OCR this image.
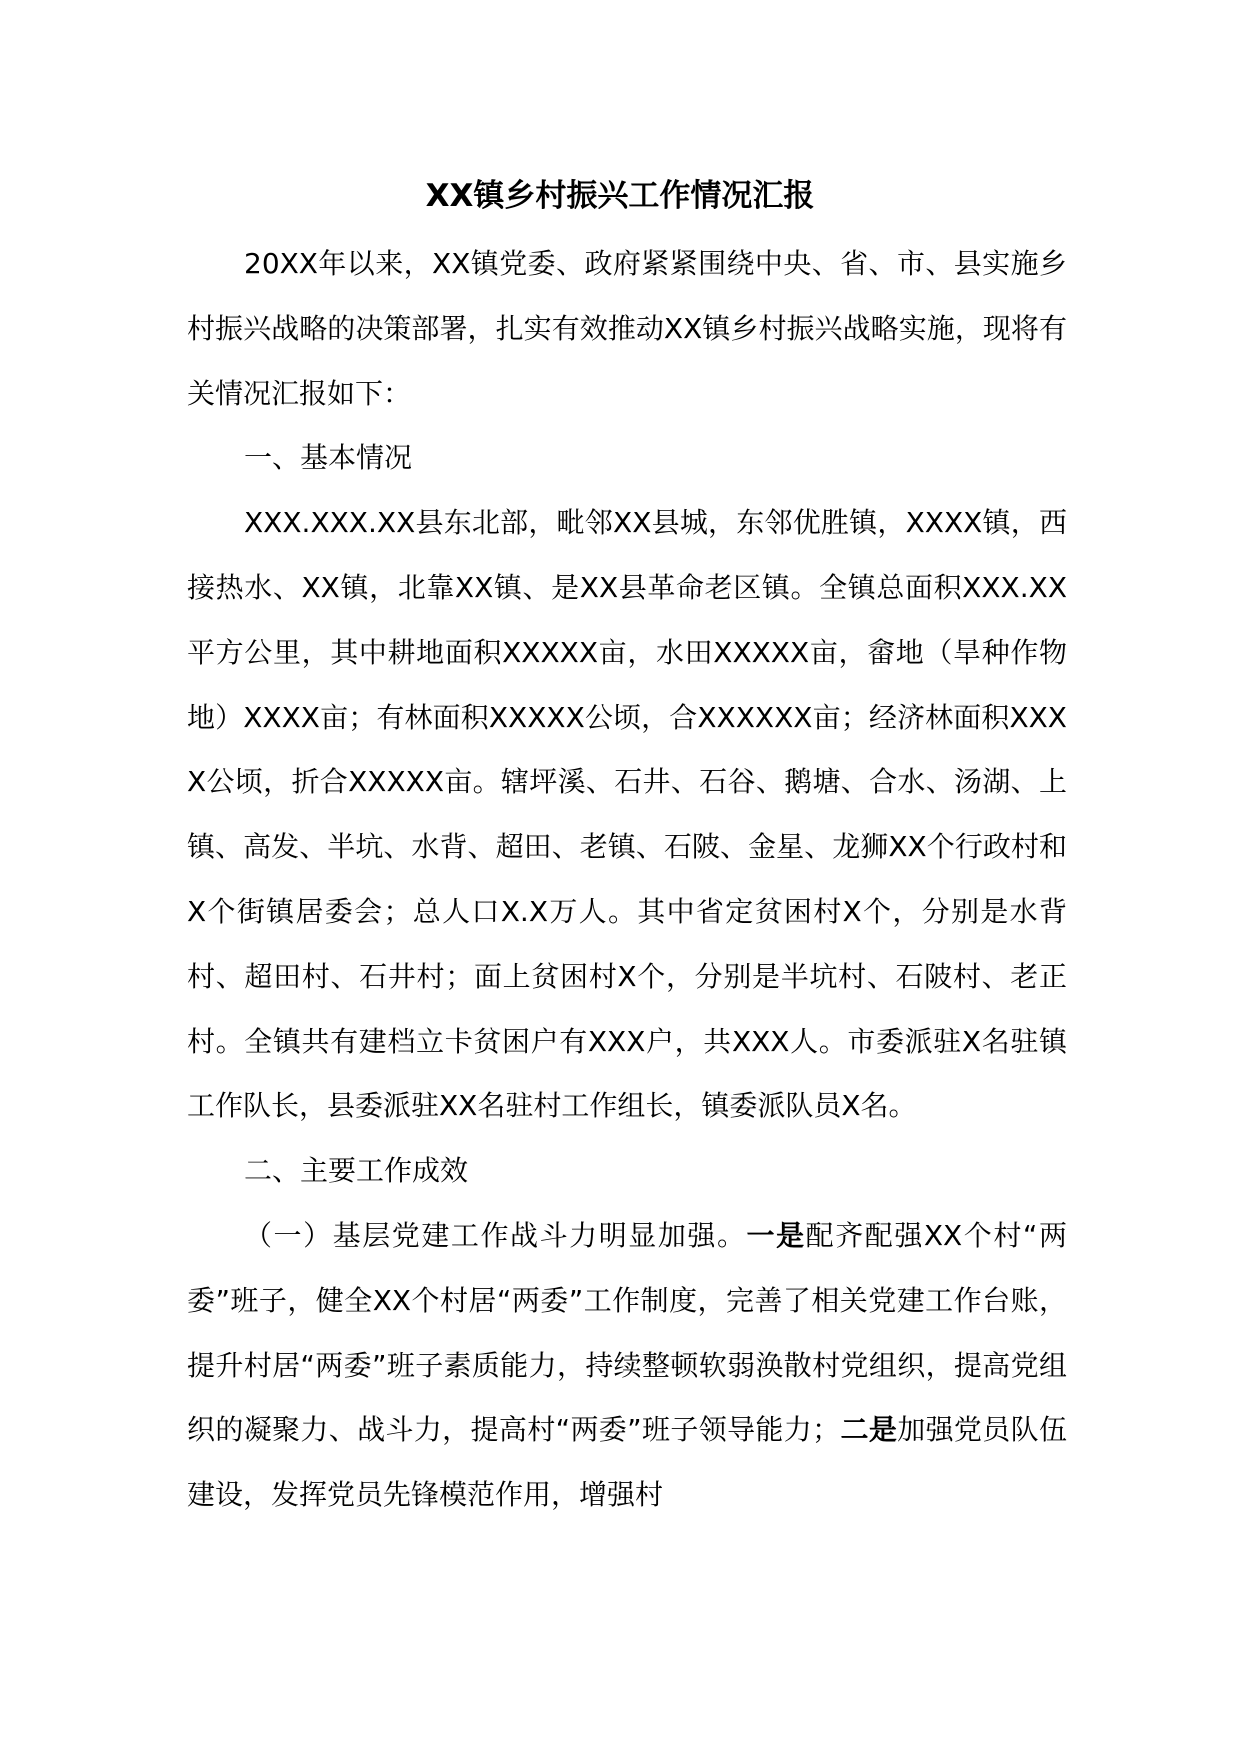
XX镇乡村振兴工作情况汇报

20XX年以来，XX镇党委、政府紧紧围绕中央、省、市、县实施乡村振兴战略的决策部署，扎实有效推动XX镇乡村振兴战略实施，现将有关情况汇报如下：

一、基本情况

XXX.XXX.XX县东北部，毗邻XX县城，东邻优胜镇，XXXX镇，西接热水、XX镇，北靠XX镇、是XX县革命老区镇。全镇总面积XXX.XX平方公里，其中耕地面积XXXXX亩，水田XXXXX亩，畲地（旱种作物地）XXXX亩；有林面积XXXXX公顷，合XXXXXX亩；经济林面积XXXX公顷，折合XXXXX亩。辖坪溪、石井、石谷、鹅塘、合水、汤湖、上镇、高发、半坑、水背、超田、老镇、石陂、金星、龙狮XX个行政村和X个街镇居委会；总人口X.X万人。其中省定贫困村X个，分别是水背村、超田村、石井村；面上贫困村X个，分别是半坑村、石陂村、老正村。全镇共有建档立卡贫困户有XXX户，共XXX人。市委派驻X名驻镇工作队长，县委派驻XX名驻村工作组长，镇委派队员X名。

二、主要工作成效

（一）基层党建工作战斗力明显加强。一是配齐配强XX个村“两委”班子，健全XX个村居“两委”工作制度，完善了相关党建工作台账，提升村居“两委”班子素质能力，持续整顿软弱涣散村党组织，提高党组织的凝聚力、战斗力，提高村“两委”班子领导能力；二是加强党员队伍建设，发挥党员先锋模范作用，增强村
